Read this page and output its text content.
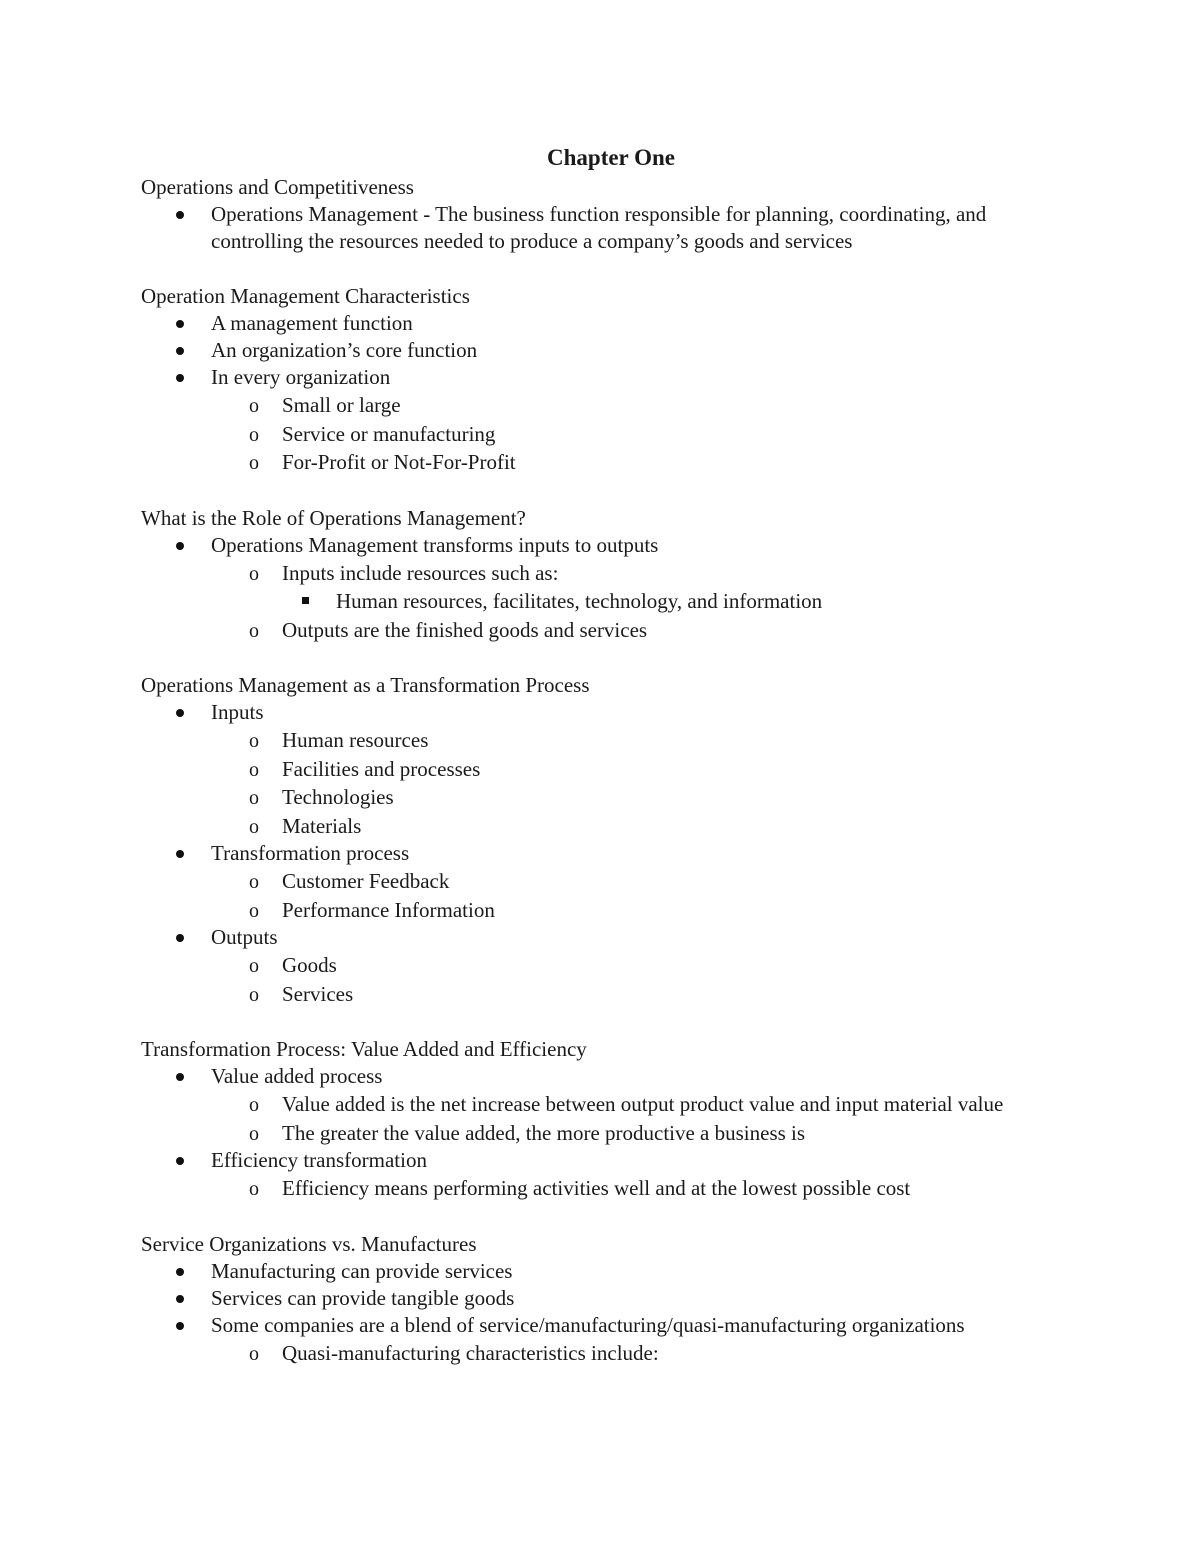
Chapter One

Operations and Competitiveness

Operations Management - The business function responsible for planning, coordinating, and controlling the resources needed to produce a company’s goods and services

Operation Management Characteristics

A management function
An organization’s core function
In every organization
o Small or large
o Service or manufacturing
o For-Profit or Not-For-Profit

What is the Role of Operations Management?

Operations Management transforms inputs to outputs
o Inputs include resources such as:
Human resources, facilitates, technology, and information
o Outputs are the finished goods and services

Operations Management as a Transformation Process

Inputs
o Human resources
o Facilities and processes
o Technologies
o Materials
Transformation process
o Customer Feedback
o Performance Information
Outputs
o Goods
o Services

Transformation Process: Value Added and Efficiency

Value added process
o Value added is the net increase between output product value and input material value
o The greater the value added, the more productive a business is
Efficiency transformation
o Efficiency means performing activities well and at the lowest possible cost

Service Organizations vs. Manufactures

Manufacturing can provide services
Services can provide tangible goods
Some companies are a blend of service/manufacturing/quasi-manufacturing organizations
o Quasi-manufacturing characteristics include:
